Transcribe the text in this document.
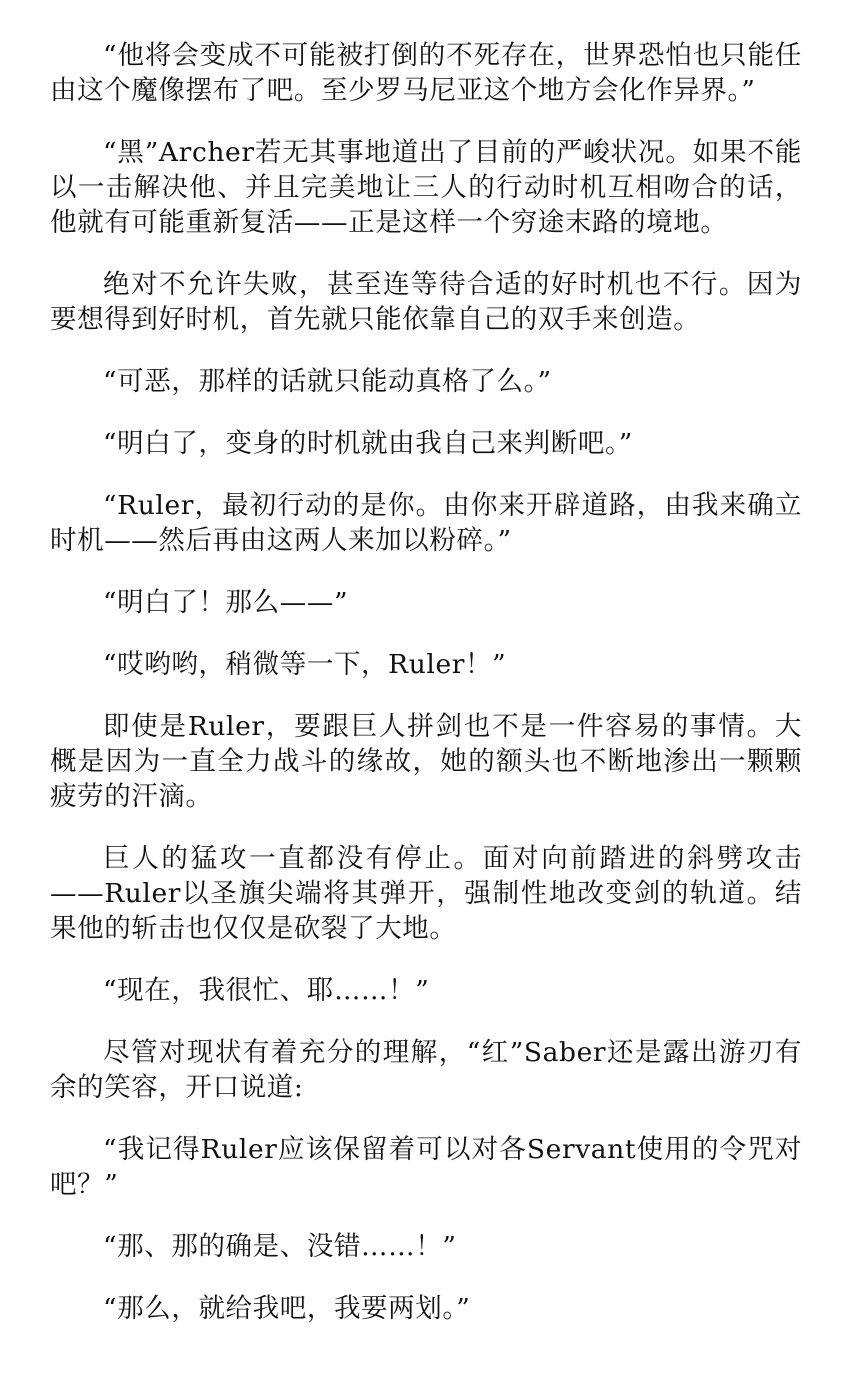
“他将会变成不可能被打倒的不死存在，世界恐怕也只能任由这个魔像摆布了吧。至少罗马尼亚这个地方会化作异界。”

“黑”Archer若无其事地道出了目前的严峻状况。如果不能以一击解决他、并且完美地让三人的行动时机互相吻合的话，他就有可能重新复活——正是这样一个穷途末路的境地。

绝对不允许失败，甚至连等待合适的好时机也不行。因为要想得到好时机，首先就只能依靠自己的双手来创造。

“可恶，那样的话就只能动真格了么。”

“明白了，变身的时机就由我自己来判断吧。”

“Ruler，最初行动的是你。由你来开辟道路，由我来确立时机——然后再由这两人来加以粉碎。”

“明白了！那么——”

“哎哟哟，稍微等一下，Ruler！”

即使是Ruler，要跟巨人拼剑也不是一件容易的事情。大概是因为一直全力战斗的缘故，她的额头也不断地渗出一颗颗疲劳的汗滴。

巨人的猛攻一直都没有停止。面对向前踏进的斜劈攻击——Ruler以圣旗尖端将其弹开，强制性地改变剑的轨道。结果他的斩击也仅仅是砍裂了大地。

“现在，我很忙、耶……！”

尽管对现状有着充分的理解，“红”Saber还是露出游刃有余的笑容，开口说道:

“我记得Ruler应该保留着可以对各Servant使用的令咒对吧？”

“那、那的确是、没错……！”

“那么，就给我吧，我要两划。”
